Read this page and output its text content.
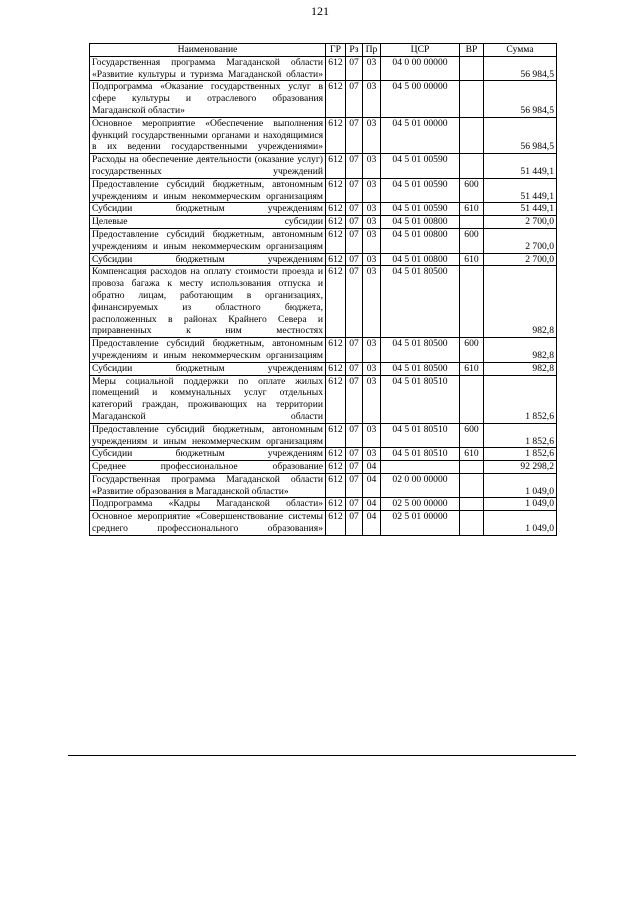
121
Наименование	ГР	Рз	Пр	ЦСР	ВР	Сумма
Государственная программа Магаданской области «Развитие культуры и туризма Магаданской области»	612	07	03	04 0 00 00000		56 984,5
Подпрограмма «Оказание государственных услуг в сфере культуры и отраслевого образования Магаданской области»	612	07	03	04 5 00 00000		56 984,5
Основное мероприятие «Обеспечение выполнения функций государственными органами и находящимися в их ведении государственными учреждениями»	612	07	03	04 5 01 00000		56 984,5
Расходы на обеспечение деятельности (оказание услуг) государственных учреждений	612	07	03	04 5 01 00590		51 449,1
Предоставление субсидий бюджетным, автономным учреждениям и иным некоммерческим организациям	612	07	03	04 5 01 00590	600	51 449,1
Субсидии бюджетным учреждениям	612	07	03	04 5 01 00590	610	51 449,1
Целевые субсидии	612	07	03	04 5 01 00800		2 700,0
Предоставление субсидий бюджетным, автономным учреждениям и иным некоммерческим организациям	612	07	03	04 5 01 00800	600	2 700,0
Субсидии бюджетным учреждениям	612	07	03	04 5 01 00800	610	2 700,0
Компенсация расходов на оплату стоимости проезда и провоза багажа к месту использования отпуска и обратно лицам, работающим в организациях, финансируемых из областного бюджета, расположенных в районах Крайнего Севера и приравненных к ним местностях	612	07	03	04 5 01 80500		982,8
Предоставление субсидий бюджетным, автономным учреждениям и иным некоммерческим организациям	612	07	03	04 5 01 80500	600	982,8
Субсидии бюджетным учреждениям	612	07	03	04 5 01 80500	610	982,8
Меры социальной поддержки по оплате жилых помещений и коммунальных услуг отдельных категорий граждан, проживающих на территории Магаданской области	612	07	03	04 5 01 80510		1 852,6
Предоставление субсидий бюджетным, автономным учреждениям и иным некоммерческим организациям	612	07	03	04 5 01 80510	600	1 852,6
Субсидии бюджетным учреждениям	612	07	03	04 5 01 80510	610	1 852,6
Среднее профессиональное образование	612	07	04			92 298,2
Государственная программа Магаданской области «Развитие образования в Магаданской области»	612	07	04	02 0 00 00000		1 049,0
Подпрограмма «Кадры Магаданской области»	612	07	04	02 5 00 00000		1 049,0
Основное мероприятие «Совершенствование системы среднего профессионального образования»	612	07	04	02 5 01 00000		1 049,0
